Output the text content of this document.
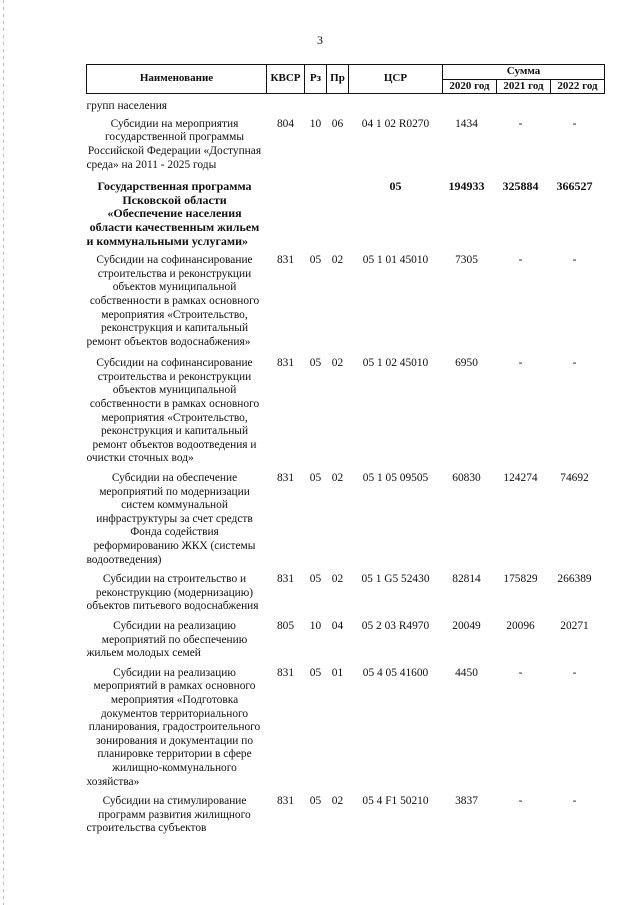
3
Наименование	КВСР	Рз	Пр	ЦСР	Сумма		
					2020 год	2021 год	2022 год
групп населения							
Субсидии на мероприятия государственной программы Российской Федерации «Доступная среда» на 2011 - 2025 годы	804	10	06	04 1 02 R0270	1434	-	-
Государственная программа Псковской области «Обеспечение населения области качественным жильем и коммунальными услугами»				05	194933	325884	366527
Субсидии на софинансирование строительства и реконструкции объектов муниципальной собственности в рамках основного мероприятия «Строительство, реконструкция и капитальный ремонт объектов водоснабжения»	831	05	02	05 1 01 45010	7305	-	-
Субсидии на софинансирование строительства и реконструкции объектов муниципальной собственности в рамках основного мероприятия «Строительство, реконструкция и капитальный ремонт объектов водоотведения и очистки сточных вод»	831	05	02	05 1 02 45010	6950	-	-
Субсидии на обеспечение мероприятий по модернизации систем коммунальной инфраструктуры за счет средств Фонда содействия реформированию ЖКХ (системы водоотведения)	831	05	02	05 1 05 09505	60830	124274	74692
Субсидии на строительство и реконструкцию (модернизацию) объектов питьевого водоснабжения	831	05	02	05 1 G5 52430	82814	175829	266389
Субсидии на реализацию мероприятий по обеспечению жильем молодых семей	805	10	04	05 2 03 R4970	20049	20096	20271
Субсидии на реализацию мероприятий в рамках основного мероприятия «Подготовка документов территориального планирования, градостроительного зонирования и документации по планировке территории в сфере жилищно-коммунального хозяйства»	831	05	01	05 4 05 41600	4450	-	-
Субсидии на стимулирование программ развития жилищного строительства субъектов	831	05	02	05 4 F1 50210	3837	-	-
